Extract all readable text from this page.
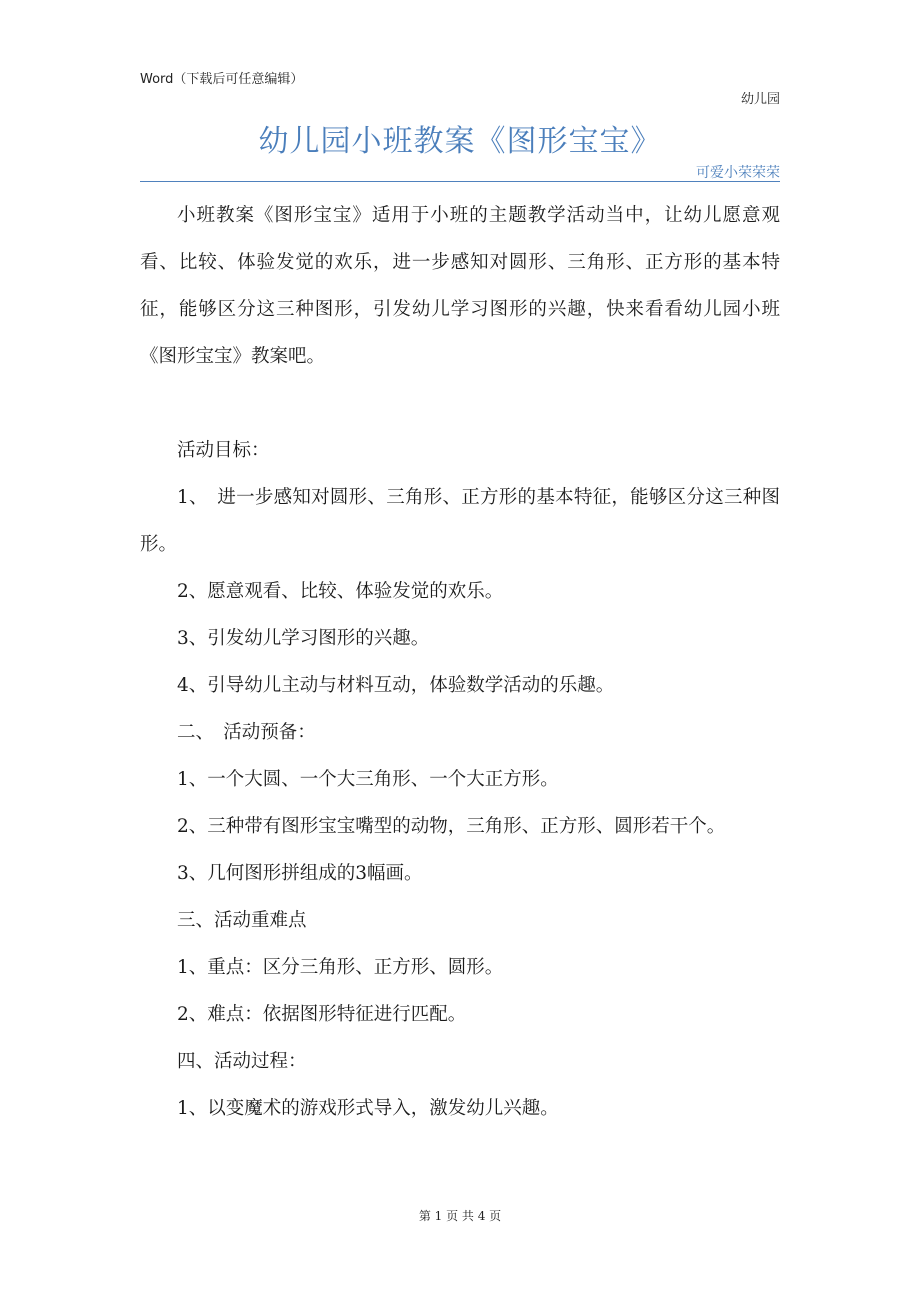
Word（下载后可任意编辑）
幼儿园
幼儿园小班教案《图形宝宝》
可爱小荣荣荣

小班教案《图形宝宝》适用于小班的主题教学活动当中，让幼儿愿意观看、比较、体验发觉的欢乐，进一步感知对圆形、三角形、正方形的基本特征，能够区分这三种图形，引发幼儿学习图形的兴趣，快来看看幼儿园小班《图形宝宝》教案吧。

活动目标：

1、　进一步感知对圆形、三角形、正方形的基本特征，能够区分这三种图形。

2、愿意观看、比较、体验发觉的欢乐。

3、引发幼儿学习图形的兴趣。

4、引导幼儿主动与材料互动，体验数学活动的乐趣。

二、　活动预备：

1、一个大圆、一个大三角形、一个大正方形。

2、三种带有图形宝宝嘴型的动物，三角形、正方形、圆形若干个。

3、几何图形拼组成的3幅画。

三、活动重难点

1、重点：区分三角形、正方形、圆形。

2、难点：依据图形特征进行匹配。

四、活动过程：

1、以变魔术的游戏形式导入，激发幼儿兴趣。

第 1 页 共 4 页
